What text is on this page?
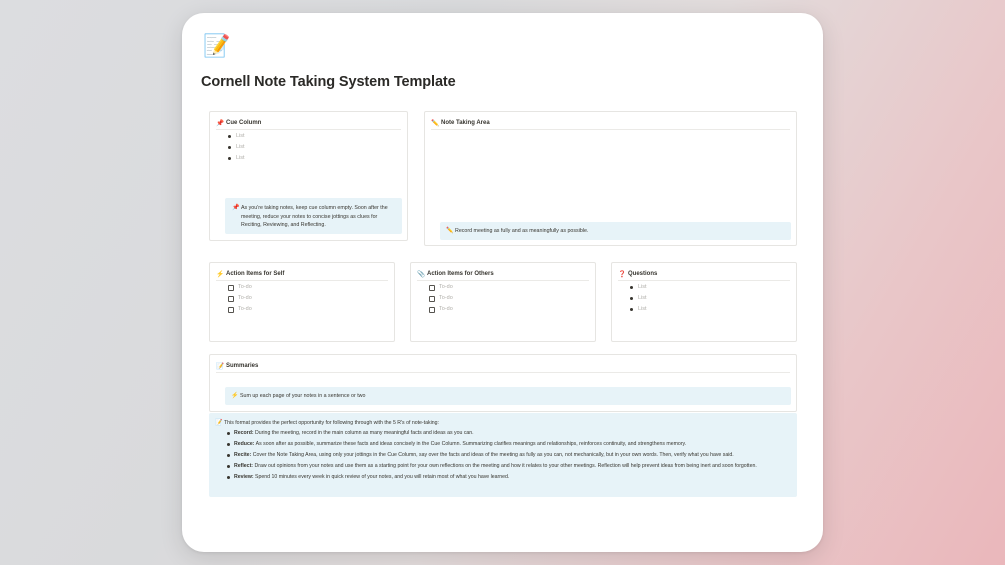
📝
Cornell Note Taking System Template
📌 Cue Column
List
List
List
📌 As you're taking notes, keep cue column empty. Soon after the meeting, reduce your notes to concise jottings as clues for Reciting, Reviewing, and Reflecting.
✏️ Note Taking Area
✏️ Record meeting as fully and as meaningfully as possible.
⚡ Action Items for Self
To-do
To-do
To-do
📎 Action Items for Others
To-do
To-do
To-do
❓ Questions
List
List
List
📝 Summaries
⚡ Sum up each page of your notes in a sentence or two
📝 This format provides the perfect opportunity for following through with the 5 R's of note-taking:
Record: During the meeting, record in the main column as many meaningful facts and ideas as you can.
Reduce: As soon after as possible, summarize these facts and ideas concisely in the Cue Column. Summarizing clarifies meanings and relationships, reinforces continuity, and strengthens memory.
Recite: Cover the Note Taking Area, using only your jottings in the Cue Column, say over the facts and ideas of the meeting as fully as you can, not mechanically, but in your own words. Then, verify what you have said.
Reflect: Draw out opinions from your notes and use them as a starting point for your own reflections on the meeting and how it relates to your other meetings. Reflection will help prevent ideas from being inert and soon forgotten.
Review: Spend 10 minutes every week in quick review of your notes, and you will retain most of what you have learned.
